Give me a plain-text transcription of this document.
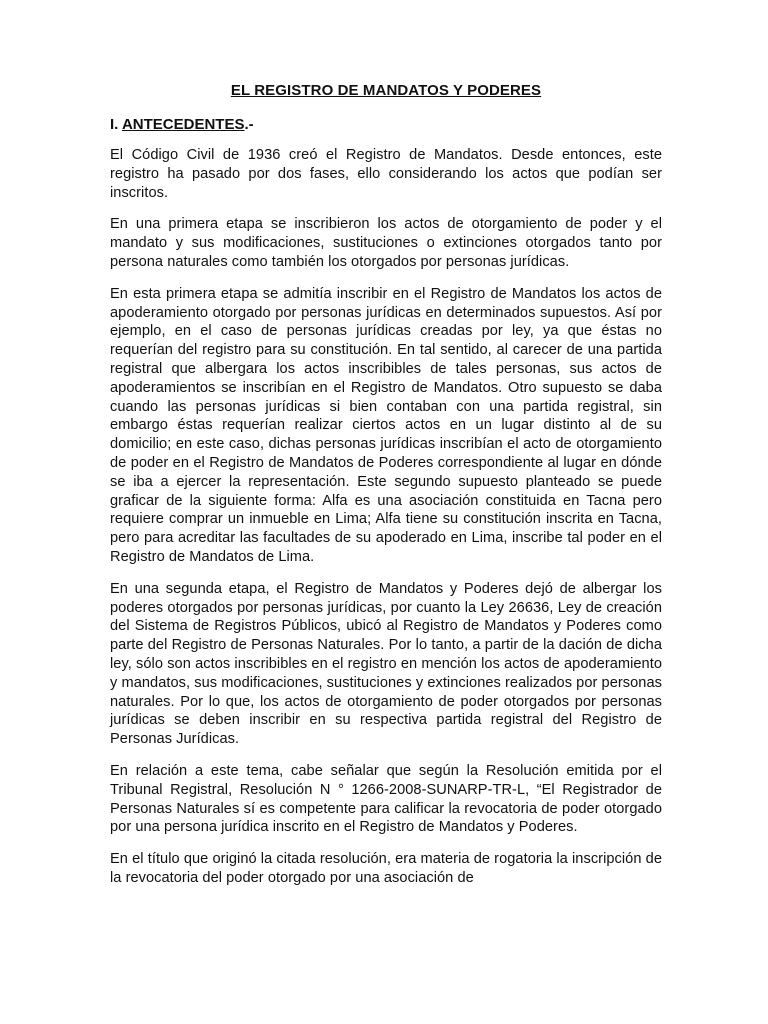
EL REGISTRO DE MANDATOS Y PODERES
I. ANTECEDENTES.-

El Código Civil de 1936 creó el Registro de Mandatos. Desde entonces, este registro ha pasado por dos fases, ello considerando los actos que podían ser inscritos.

En una primera etapa se inscribieron los actos de otorgamiento de poder y el mandato y sus modificaciones, sustituciones o extinciones otorgados tanto por persona naturales como también los otorgados por personas jurídicas.

En esta primera etapa se admitía inscribir en el Registro de Mandatos los actos de apoderamiento otorgado por personas jurídicas en determinados supuestos. Así por ejemplo, en el caso de personas jurídicas creadas por ley, ya que éstas no requerían del registro para su constitución. En tal sentido, al carecer de una partida registral que albergara los actos inscribibles de tales personas, sus actos de apoderamientos se inscribían en el Registro de Mandatos. Otro supuesto se daba cuando las personas jurídicas si bien contaban con una partida registral, sin embargo éstas requerían realizar ciertos actos en un lugar distinto al de su domicilio; en este caso, dichas personas jurídicas inscribían el acto de otorgamiento de poder en el Registro de Mandatos de Poderes correspondiente al lugar en dónde se iba a ejercer la representación. Este segundo supuesto planteado se puede graficar de la siguiente forma: Alfa es una asociación constituida en Tacna pero requiere comprar un inmueble en Lima; Alfa tiene su constitución inscrita en Tacna, pero para acreditar las facultades de su apoderado en Lima, inscribe tal poder en el Registro de Mandatos de Lima.

En una segunda etapa, el Registro de Mandatos y Poderes dejó de albergar los poderes otorgados por personas jurídicas, por cuanto la Ley 26636, Ley de creación del Sistema de Registros Públicos, ubicó al Registro de Mandatos y Poderes como parte del Registro de Personas Naturales. Por lo tanto, a partir de la dación de dicha ley, sólo son actos inscribibles en el registro en mención los actos de apoderamiento y mandatos, sus modificaciones, sustituciones y extinciones realizados por personas naturales. Por lo que, los actos de otorgamiento de poder otorgados por personas jurídicas se deben inscribir en su respectiva partida registral del Registro de Personas Jurídicas.

En relación a este tema, cabe señalar que según la Resolución emitida por el Tribunal Registral, Resolución N ° 1266-2008-SUNARP-TR-L, “El Registrador de Personas Naturales sí es competente para calificar la revocatoria de poder otorgado por una persona jurídica inscrito en el Registro de Mandatos y Poderes.

En el título que originó la citada resolución, era materia de rogatoria la inscripción de la revocatoria del poder otorgado por una asociación de
